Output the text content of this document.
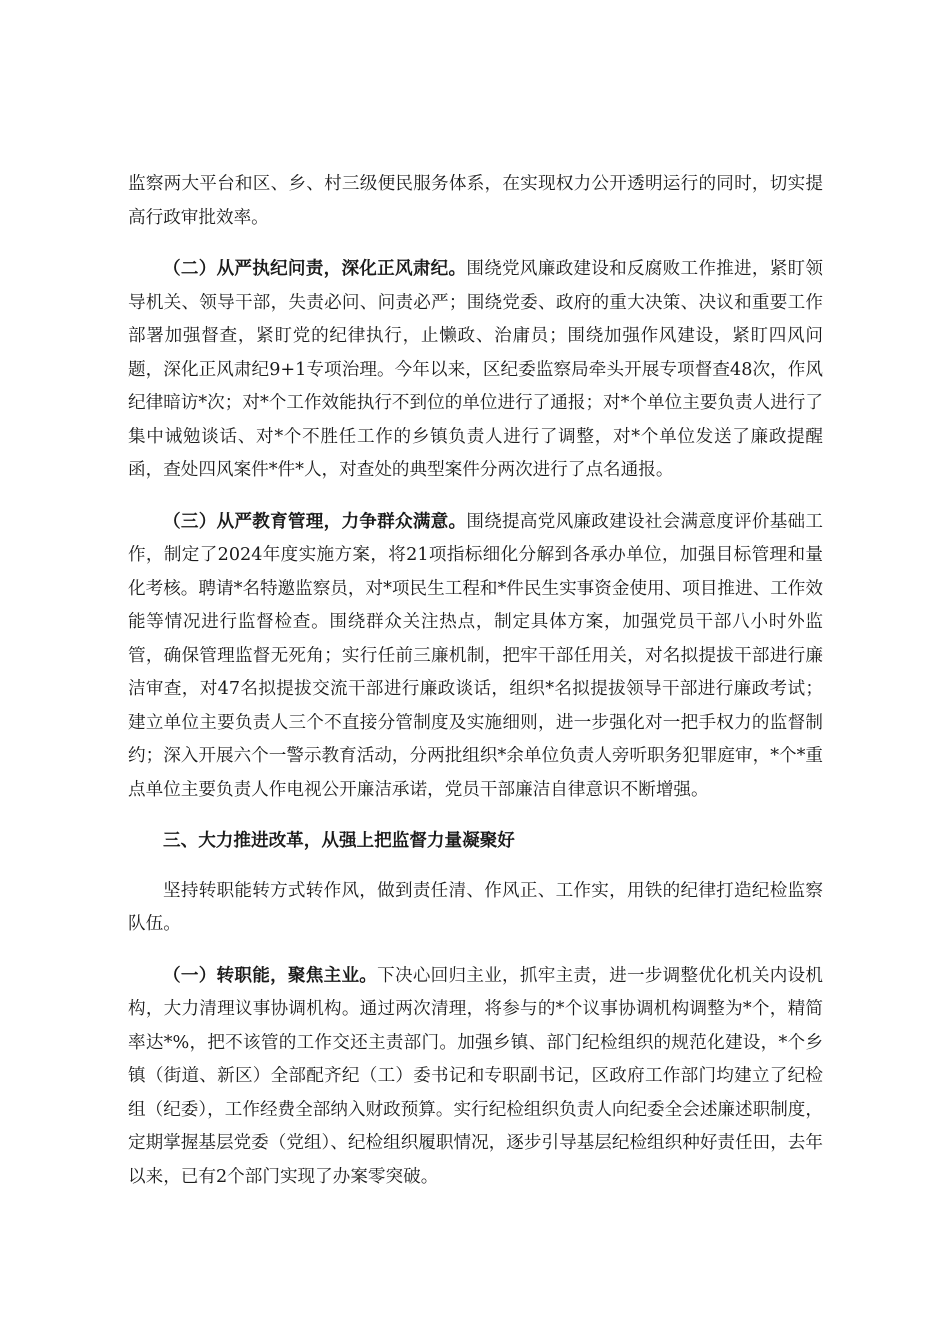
监察两大平台和区、乡、村三级便民服务体系，在实现权力公开透明运行的同时，切实提高行政审批效率。

（二）从严执纪问责，深化正风肃纪。围绕党风廉政建设和反腐败工作推进，紧盯领导机关、领导干部，失责必问、问责必严；围绕党委、政府的重大决策、决议和重要工作部署加强督查，紧盯党的纪律执行，止懒政、治庸员；围绕加强作风建设，紧盯四风问题，深化正风肃纪9+1专项治理。今年以来，区纪委监察局牵头开展专项督查48次，作风纪律暗访*次；对*个工作效能执行不到位的单位进行了通报；对*个单位主要负责人进行了集中诫勉谈话、对*个不胜任工作的乡镇负责人进行了调整，对*个单位发送了廉政提醒函，查处四风案件*件*人，对查处的典型案件分两次进行了点名通报。

（三）从严教育管理，力争群众满意。围绕提高党风廉政建设社会满意度评价基础工作，制定了2024年度实施方案，将21项指标细化分解到各承办单位，加强目标管理和量化考核。聘请*名特邀监察员，对*项民生工程和*件民生实事资金使用、项目推进、工作效能等情况进行监督检查。围绕群众关注热点，制定具体方案，加强党员干部八小时外监管，确保管理监督无死角；实行任前三廉机制，把牢干部任用关，对名拟提拔干部进行廉洁审查，对47名拟提拔交流干部进行廉政谈话，组织*名拟提拔领导干部进行廉政考试；建立单位主要负责人三个不直接分管制度及实施细则，进一步强化对一把手权力的监督制约；深入开展六个一警示教育活动，分两批组织*余单位负责人旁听职务犯罪庭审，*个*重点单位主要负责人作电视公开廉洁承诺，党员干部廉洁自律意识不断增强。

三、大力推进改革，从强上把监督力量凝聚好

坚持转职能转方式转作风，做到责任清、作风正、工作实，用铁的纪律打造纪检监察队伍。

（一）转职能，聚焦主业。下决心回归主业，抓牢主责，进一步调整优化机关内设机构，大力清理议事协调机构。通过两次清理，将参与的*个议事协调机构调整为*个，精简率达*%，把不该管的工作交还主责部门。加强乡镇、部门纪检组织的规范化建设，*个乡镇（街道、新区）全部配齐纪（工）委书记和专职副书记，区政府工作部门均建立了纪检组（纪委），工作经费全部纳入财政预算。实行纪检组织负责人向纪委全会述廉述职制度，定期掌握基层党委（党组）、纪检组织履职情况，逐步引导基层纪检组织种好责任田，去年以来，已有2个部门实现了办案零突破。
